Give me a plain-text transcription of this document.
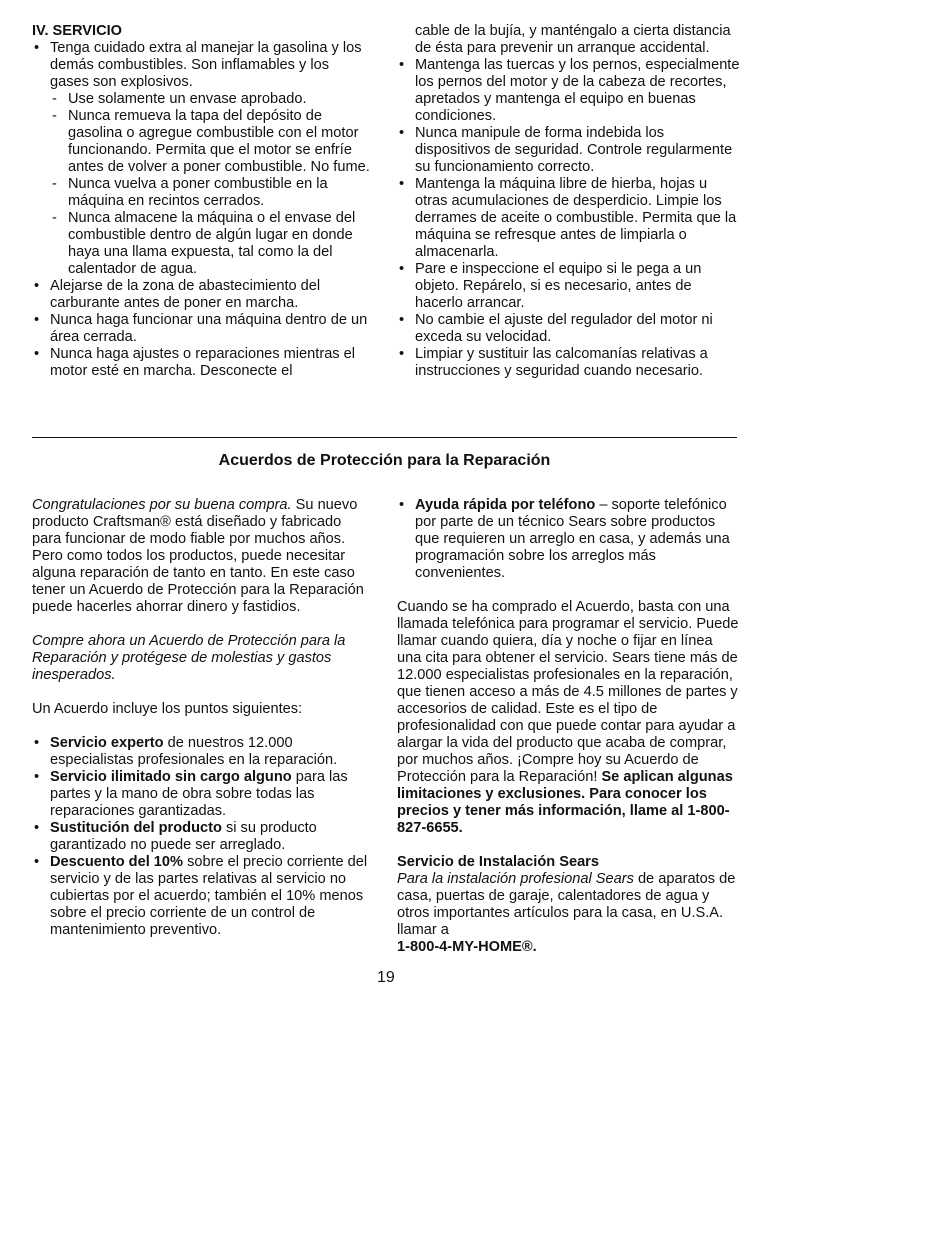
IV. SERVICIO

• Tenga cuidado extra al manejar la gasolina y los demás combustibles. Son inflamables y los gases son explosivos.
- Use solamente un envase aprobado.
- Nunca remueva la tapa del depósito de gasolina o agregue combustible con el motor funcionando. Permita que el motor se enfríe antes de volver a poner combustible. No fume.
- Nunca vuelva a poner combustible en la máquina en recintos cerrados.
- Nunca almacene la máquina o el envase del combustible dentro de algún lugar en donde haya una llama expuesta, tal como la del calentador de agua.
• Alejarse de la zona de abastecimiento del carburante antes de poner en marcha.
• Nunca haga funcionar una máquina dentro de un área cerrada.
• Nunca haga ajustes o reparaciones mientras el motor esté en marcha. Desconecte el
cable de la bujía, y manténgalo a cierta distancia de ésta para prevenir un arranque accidental.
• Mantenga las tuercas y los pernos, especialmente los pernos del motor y de la cabeza de recortes, apretados y mantenga el equipo en buenas condiciones.
• Nunca manipule de forma indebida los dispositivos de seguridad. Controle regularmente su funcionamiento correcto.
• Mantenga la máquina libre de hierba, hojas u otras acumulaciones de desperdicio. Limpie los derrames de aceite o combustible. Permita que la máquina se refresque antes de limpiarla o almacenarla.
• Pare e inspeccione el equipo si le pega a un objeto. Repárelo, si es necesario, antes de hacerlo arrancar.
• No cambie el ajuste del regulador del motor ni exceda su velocidad.
• Limpiar y sustituir las calcomanías relativas a instrucciones y seguridad cuando necesario.
Acuerdos de Protección para la Reparación

Congratulaciones por su buena compra. Su nuevo producto Craftsman® está diseñado y fabricado para funcionar de modo fiable por muchos años. Pero como todos los productos, puede necesitar alguna reparación de tanto en tanto. En este caso tener un Acuerdo de Protección para la Reparación puede hacerles ahorrar dinero y fastidios.

Compre ahora un Acuerdo de Protección para la Reparación y protégese de molestias y gastos inesperados.

Un Acuerdo incluye los puntos siguientes:

• Servicio experto de nuestros 12.000 especialistas profesionales en la reparación.
• Servicio ilimitado sin cargo alguno para las partes y la mano de obra sobre todas las reparaciones garantizadas.
• Sustitución del producto si su producto garantizado no puede ser arreglado.
• Descuento del 10% sobre el precio corriente del servicio y de las partes relativas al servicio no cubiertas por el acuerdo; también el 10% menos sobre el precio corriente de un control de mantenimiento preventivo.
• Ayuda rápida por teléfono – soporte telefónico por parte de un técnico Sears sobre productos que requieren un arreglo en casa, y además una programación sobre los arreglos más convenientes.

Cuando se ha comprado el Acuerdo, basta con una llamada telefónica para programar el servicio. Puede llamar cuando quiera, día y noche o fijar en línea una cita para obtener el servicio. Sears tiene más de 12.000 especialistas profesionales en la reparación, que tienen acceso a más de 4.5 millones de partes y accesorios de calidad. Este es el tipo de profesionalidad con que puede contar para ayudar a alargar la vida del producto que acaba de comprar, por muchos años. ¡Compre hoy su Acuerdo de Protección para la Reparación! Se aplican algunas limitaciones y exclusiones. Para conocer los precios y tener más información, llame al 1-800-827-6655.

Servicio de Instalación Sears

Para la instalación profesional Sears de aparatos de casa, puertas de garaje, calentadores de agua y otros importantes artículos para la casa, en U.S.A. llamar a

1-800-4-MY-HOME®.

19
